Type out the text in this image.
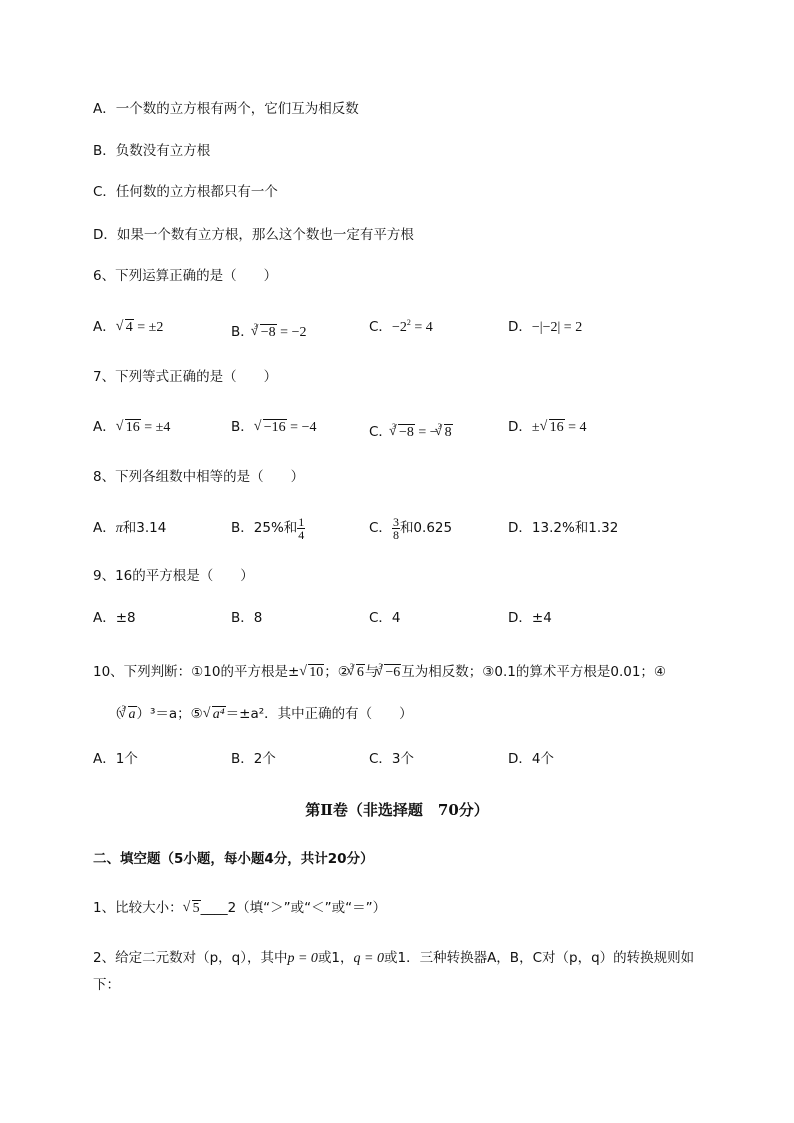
A．一个数的立方根有两个，它们互为相反数
B．负数没有立方根
C．任何数的立方根都只有一个
D．如果一个数有立方根，那么这个数也一定有平方根
6、下列运算正确的是（　　）
A． √ 4 = ±2	B．$^3$ √ −8 = −2	C．$-2^2 = 4$	D．−|−2| = 2
7、下列等式正确的是（　　）
A． √ 16 = ±4	B． √ −16 = −4	C．$^3$ √ −8 = −$^3$ √ 8	D．± √ 16 = 4
8、下列各组数中相等的是（　　）
A．π和3.14	B．25%和 $\frac{1}{4}$	C． $\frac{3}{8}$ 和0.625	D．13.2%和1.32
9、16的平方根是（　　）
A．±8	B．8	C．4	D．±4
10、下列判断：①10的平方根是± √ 10；②$^3$ √ 6与$^3$ √ −6互为相反数；③0.1的算术平方根是0.01；④
（$^3$ √ a）³＝a；⑤ √ a⁴＝±a²．其中正确的有（　　）
A．1个	B．2个	C．3个	D．4个
第Ⅱ卷（非选择题　70分）
二、填空题（5小题，每小题4分，共计20分）
1、比较大小： √ 5____2（填“＞”或“＜”或“＝”）
2、给定二元数对（p，q），其中p = 0或1，q = 0或1．三种转换器A，B，C对（p，q）的转换规则如
下：
